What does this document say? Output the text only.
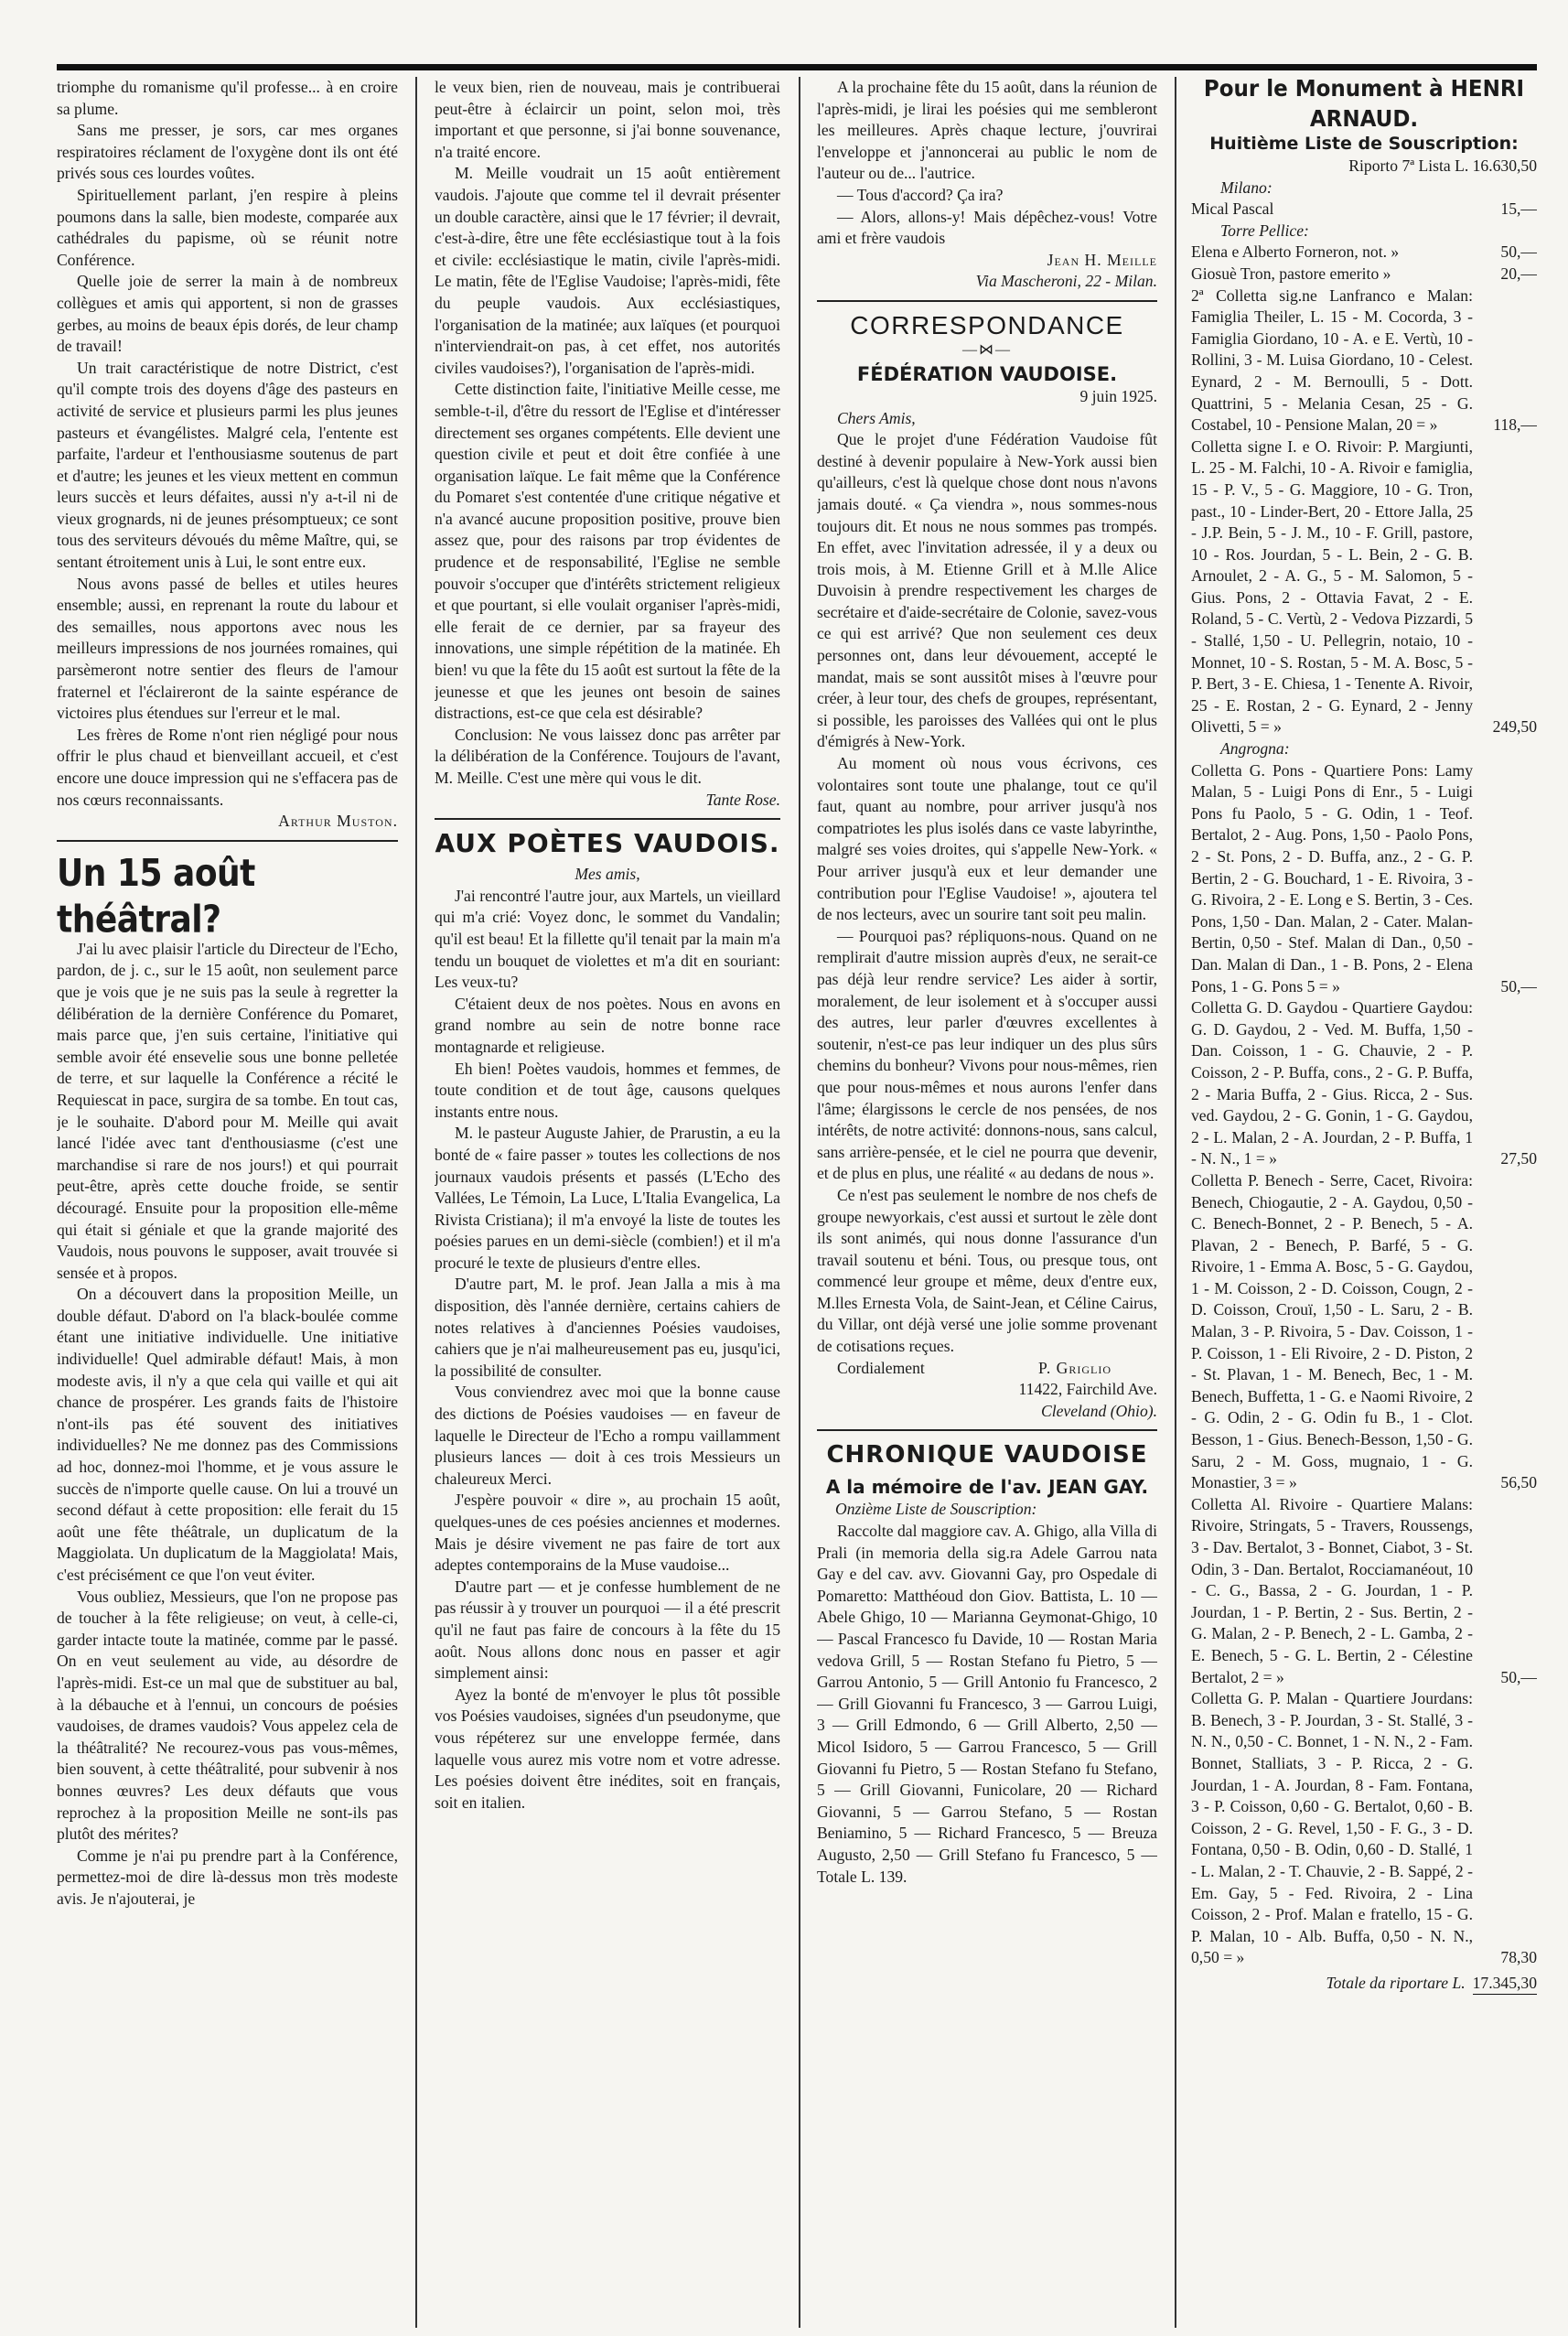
triomphe du romanisme qu'il professe... à en croire sa plume.

Sans me presser, je sors, car mes organes respiratoires réclament de l'oxygène dont ils ont été privés sous ces lourdes voûtes.

Spirituellement parlant, j'en respire à pleins poumons dans la salle, bien modeste, comparée aux cathédrales du papisme, où se réunit notre Conférence.

Quelle joie de serrer la main à de nombreux collègues et amis qui apportent, si non de grasses gerbes, au moins de beaux épis dorés, de leur champ de travail!

Un trait caractéristique de notre District, c'est qu'il compte trois des doyens d'âge des pasteurs en activité de service et plusieurs parmi les plus jeunes pasteurs et évangélistes. Malgré cela, l'entente est parfaite, l'ardeur et l'enthousiasme soutenus de part et d'autre; les jeunes et les vieux mettent en commun leurs succès et leurs défaites, aussi n'y a-t-il ni de vieux grognards, ni de jeunes présomptueux; ce sont tous des serviteurs dévoués du même Maître, qui, se sentant étroitement unis à Lui, le sont entre eux.

Nous avons passé de belles et utiles heures ensemble; aussi, en reprenant la route du labour et des semailles, nous apportons avec nous les meilleurs impressions de nos journées romaines, qui parsèmeront notre sentier des fleurs de l'amour fraternel et l'éclaireront de la sainte espérance de victoires plus étendues sur l'erreur et le mal.

Les frères de Rome n'ont rien négligé pour nous offrir le plus chaud et bienveillant accueil, et c'est encore une douce impression qui ne s'effacera pas de nos cœurs reconnaissants.

Arthur Muston.
Un 15 août théâtral?

J'ai lu avec plaisir l'article du Directeur de l'Echo, pardon, de j. c., sur le 15 août, non seulement parce que je vois que je ne suis pas la seule à regretter la délibération de la dernière Conférence du Pomaret, mais parce que, j'en suis certaine, l'initiative qui semble avoir été ensevelie sous une bonne pelletée de terre, et sur laquelle la Conférence a récité le Requiescat in pace, surgira de sa tombe. En tout cas, je le souhaite. D'abord pour M. Meille qui avait lancé l'idée avec tant d'enthousiasme (c'est une marchandise si rare de nos jours!) et qui pourrait peut-être, après cette douche froide, se sentir découragé. Ensuite pour la proposition elle-même qui était si géniale et que la grande majorité des Vaudois, nous pouvons le supposer, avait trouvée si sensée et à propos.

On a découvert dans la proposition Meille, un double défaut. D'abord on l'a black-boulée comme étant une initiative individuelle. Une initiative individuelle! Quel admirable défaut! Mais, à mon modeste avis, il n'y a que cela qui vaille et qui ait chance de prospérer. Les grands faits de l'histoire n'ont-ils pas été souvent des initiatives individuelles? Ne me donnez pas des Commissions ad hoc, donnez-moi l'homme, et je vous assure le succès de n'importe quelle cause. On lui a trouvé un second défaut à cette proposition: elle ferait du 15 août une fête théâtrale, un duplicatum de la Maggiolata. Un duplicatum de la Maggiolata! Mais, c'est précisément ce que l'on veut éviter.

Vous oubliez, Messieurs, que l'on ne propose pas de toucher à la fête religieuse; on veut, à celle-ci, garder intacte toute la matinée, comme par le passé. On en veut seulement au vide, au désordre de l'après-midi. Est-ce un mal que de substituer au bal, à la débauche et à l'ennui, un concours de poésies vaudoises, de drames vaudois? Vous appelez cela de la théâtralité? Ne recourez-vous pas vous-mêmes, bien souvent, à cette théâtralité, pour subvenir à nos bonnes œuvres? Les deux défauts que vous reprochez à la proposition Meille ne sont-ils pas plutôt des mérites?

Comme je n'ai pu prendre part à la Conférence, permettez-moi de dire là-dessus mon très modeste avis. Je n'ajouterai, je

le veux bien, rien de nouveau, mais je contribuerai peut-être à éclaircir un point, selon moi, très important et que personne, si j'ai bonne souvenance, n'a traité encore.

M. Meille voudrait un 15 août entièrement vaudois. J'ajoute que comme tel il devrait présenter un double caractère, ainsi que le 17 février; il devrait, c'est-à-dire, être une fête ecclésiastique tout à la fois et civile: ecclésiastique le matin, civile l'après-midi. Le matin, fête de l'Eglise Vaudoise; l'après-midi, fête du peuple vaudois. Aux ecclésiastiques, l'organisation de la matinée; aux laïques (et pourquoi n'interviendrait-on pas, à cet effet, nos autorités civiles vaudoises?), l'organisation de l'après-midi.

Cette distinction faite, l'initiative Meille cesse, me semble-t-il, d'être du ressort de l'Eglise et d'intéresser directement ses organes compétents. Elle devient une question civile et peut et doit être confiée à une organisation laïque. Le fait même que la Conférence du Pomaret s'est contentée d'une critique négative et n'a avancé aucune proposition positive, prouve bien assez que, pour des raisons par trop évidentes de prudence et de responsabilité, l'Eglise ne semble pouvoir s'occuper que d'intérêts strictement religieux et que pourtant, si elle voulait organiser l'après-midi, elle ferait de ce dernier, par sa frayeur des innovations, une simple répétition de la matinée. Eh bien! vu que la fête du 15 août est surtout la fête de la jeunesse et que les jeunes ont besoin de saines distractions, est-ce que cela est désirable?

Conclusion: Ne vous laissez donc pas arrêter par la délibération de la Conférence. Toujours de l'avant, M. Meille. C'est une mère qui vous le dit.

Tante Rose.

AUX POÈTES VAUDOIS.

Mes amis,

J'ai rencontré l'autre jour, aux Martels, un vieillard qui m'a crié: Voyez donc, le sommet du Vandalin; qu'il est beau! Et la fillette qu'il tenait par la main m'a tendu un bouquet de violettes et m'a dit en souriant: Les veux-tu?

C'étaient deux de nos poètes. Nous en avons en grand nombre au sein de notre bonne race montagnarde et religieuse.

Eh bien! Poètes vaudois, hommes et femmes, de toute condition et de tout âge, causons quelques instants entre nous.

M. le pasteur Auguste Jahier, de Prarustin, a eu la bonté de « faire passer » toutes les collections de nos journaux vaudois présents et passés (L'Echo des Vallées, Le Témoin, La Luce, L'Italia Evangelica, La Rivista Cristiana); il m'a envoyé la liste de toutes les poésies parues en un demi-siècle (combien!) et il m'a procuré le texte de plusieurs d'entre elles.

D'autre part, M. le prof. Jean Jalla a mis à ma disposition, dès l'année dernière, certains cahiers de notes relatives à d'anciennes Poésies vaudoises, cahiers que je n'ai malheureusement pas eu, jusqu'ici, la possibilité de consulter.

Vous conviendrez avec moi que la bonne cause des dictions de Poésies vaudoises — en faveur de laquelle le Directeur de l'Echo a rompu vaillamment plusieurs lances — doit à ces trois Messieurs un chaleureux Merci.

J'espère pouvoir « dire », au prochain 15 août, quelques-unes de ces poésies anciennes et modernes. Mais je désire vivement ne pas faire de tort aux adeptes contemporains de la Muse vaudoise...

D'autre part — et je confesse humblement de ne pas réussir à y trouver un pourquoi — il a été prescrit qu'il ne faut pas faire de concours à la fête du 15 août. Nous allons donc nous en passer et agir simplement ainsi:

Ayez la bonté de m'envoyer le plus tôt possible vos Poésies vaudoises, signées d'un pseudonyme, que vous répéterez sur une enveloppe fermée, dans laquelle vous aurez mis votre nom et votre adresse. Les poésies doivent être inédites, soit en français, soit en italien.

A la prochaine fête du 15 août, dans la réunion de l'après-midi, je lirai les poésies qui me sembleront les meilleures. Après chaque lecture, j'ouvrirai l'enveloppe et j'annoncerai au public le nom de l'auteur ou de... l'autrice.

— Tous d'accord? Ça ira?

— Alors, allons-y! Mais dépêchez-vous! Votre ami et frère vaudois

Jean H. Meille

Via Mascheroni, 22 - Milan.

CORRESPONDANCE
—⋈—
FÉDÉRATION VAUDOISE.

9 juin 1925.

Chers Amis,

Que le projet d'une Fédération Vaudoise fût destiné à devenir populaire à New-York aussi bien qu'ailleurs, c'est là quelque chose dont nous n'avons jamais douté. « Ça viendra », nous sommes-nous toujours dit. Et nous ne nous sommes pas trompés. En effet, avec l'invitation adressée, il y a deux ou trois mois, à M. Etienne Grill et à M.lle Alice Duvoisin à prendre respectivement les charges de secrétaire et d'aide-secrétaire de Colonie, savez-vous ce qui est arrivé? Que non seulement ces deux personnes ont, dans leur dévouement, accepté le mandat, mais se sont aussitôt mises à l'œuvre pour créer, à leur tour, des chefs de groupes, représentant, si possible, les paroisses des Vallées qui ont le plus d'émigrés à New-York.

Au moment où nous vous écrivons, ces volontaires sont toute une phalange, tout ce qu'il faut, quant au nombre, pour arriver jusqu'à nos compatriotes les plus isolés dans ce vaste labyrinthe, malgré ses voies droites, qui s'appelle New-York. « Pour arriver jusqu'à eux et leur demander une contribution pour l'Eglise Vaudoise! », ajoutera tel de nos lecteurs, avec un sourire tant soit peu malin.

— Pourquoi pas? répliquons-nous. Quand on ne remplirait d'autre mission auprès d'eux, ne serait-ce pas déjà leur rendre service? Les aider à sortir, moralement, de leur isolement et à s'occuper aussi des autres, leur parler d'œuvres excellentes à soutenir, n'est-ce pas leur indiquer un des plus sûrs chemins du bonheur? Vivons pour nous-mêmes, rien que pour nous-mêmes et nous aurons l'enfer dans l'âme; élargissons le cercle de nos pensées, de nos intérêts, de notre activité: donnons-nous, sans calcul, sans arrière-pensée, et le ciel ne pourra que devenir, et de plus en plus, une réalité « au dedans de nous ».

Ce n'est pas seulement le nombre de nos chefs de groupe newyorkais, c'est aussi et surtout le zèle dont ils sont animés, qui nous donne l'assurance d'un travail soutenu et béni. Tous, ou presque tous, ont commencé leur groupe et même, deux d'entre eux, M.lles Ernesta Vola, de Saint-Jean, et Céline Cairus, du Villar, ont déjà versé une jolie somme provenant de cotisations reçues.

Cordialement	P. Griglio

11422, Fairchild Ave.

Cleveland (Ohio).

CHRONIQUE VAUDOISE
A la mémoire de l'av. JEAN GAY.

Onzième Liste de Souscription:

Raccolte dal maggiore cav. A. Ghigo, alla Villa di Prali (in memoria della sig.ra Adele Garrou nata Gay e del cav. avv. Giovanni Gay, pro Ospedale di Pomaretto: Matthéoud don Giov. Battista, L. 10 — Abele Ghigo, 10 — Marianna Geymonat-Ghigo, 10 — Pascal Francesco fu Davide, 10 — Rostan Maria vedova Grill, 5 — Rostan Stefano fu Pietro, 5 — Garrou Antonio, 5 — Grill Antonio fu Francesco, 2 — Grill Giovanni fu Francesco, 3 — Garrou Luigi, 3 — Grill Edmondo, 6 — Grill Alberto, 2,50 — Micol Isidoro, 5 — Garrou Francesco, 5 — Grill Giovanni fu Pietro, 5 — Rostan Stefano fu Stefano, 5 — Grill Giovanni, Funicolare, 20 — Richard Giovanni, 5 — Garrou Stefano, 5 — Rostan Beniamino, 5 — Richard Francesco, 5 — Breuza Augusto, 2,50 — Grill Stefano fu Francesco, 5 — Totale L. 139.

Pour le Monument à HENRI ARNAUD.
Huitième Liste de Souscription:

Riporto 7ª Lista L. 16.630,50

Milano:

Mical Pascal	15,—

Torre Pellice:

Elena e Alberto Forneron, not. »	50,—
Giosuè Tron, pastore emerito »	20,—
2ª Colletta sig.ne Lanfranco e Malan: Famiglia Theiler, L. 15 - M. Cocorda, 3 - Famiglia Giordano, 10 - A. e E. Vertù, 10 - Rollini, 3 - M. Luisa Giordano, 10 - Celest. Eynard, 2 - M. Bernoulli, 5 - Dott. Quattrini, 5 - Melania Cesan, 25 - G. Costabel, 10 - Pensione Malan, 20 = »	118,—
Colletta signe I. e O. Rivoir: P. Margiunti, L. 25 - M. Falchi, 10 - A. Rivoir e famiglia, 15 - P. V., 5 - G. Maggiore, 10 - G. Tron, past., 10 - Linder-Bert, 20 - Ettore Jalla, 25 - J.P. Bein, 5 - J. M., 10 - F. Grill, pastore, 10 - Ros. Jourdan, 5 - L. Bein, 2 - G. B. Arnoulet, 2 - A. G., 5 - M. Salomon, 5 - Gius. Pons, 2 - Ottavia Favat, 2 - E. Roland, 5 - C. Vertù, 2 - Vedova Pizzardi, 5 - Stallé, 1,50 - U. Pellegrin, notaio, 10 - Monnet, 10 - S. Rostan, 5 - M. A. Bosc, 5 - P. Bert, 3 - E. Chiesa, 1 - Tenente A. Rivoir, 25 - E. Rostan, 2 - G. Eynard, 2 - Jenny Olivetti, 5 = »	249,50

Angrogna:

Colletta G. Pons - Quartiere Pons: Lamy Malan, 5 - Luigi Pons di Enr., 5 - Luigi Pons fu Paolo, 5 - G. Odin, 1 - Teof. Bertalot, 2 - Aug. Pons, 1,50 - Paolo Pons, 2 - St. Pons, 2 - D. Buffa, anz., 2 - G. P. Bertin, 2 - G. Bouchard, 1 - E. Rivoira, 3 - G. Rivoira, 2 - E. Long e S. Bertin, 3 - Ces. Pons, 1,50 - Dan. Malan, 2 - Cater. Malan-Bertin, 0,50 - Stef. Malan di Dan., 0,50 - Dan. Malan di Dan., 1 - B. Pons, 2 - Elena Pons, 1 - G. Pons 5 = »	50,—
Colletta G. D. Gaydou - Quartiere Gaydou: G. D. Gaydou, 2 - Ved. M. Buffa, 1,50 - Dan. Coisson, 1 - G. Chauvie, 2 - P. Coisson, 2 - P. Buffa, cons., 2 - G. P. Buffa, 2 - Maria Buffa, 2 - Gius. Ricca, 2 - Sus. ved. Gaydou, 2 - G. Gonin, 1 - G. Gaydou, 2 - L. Malan, 2 - A. Jourdan, 2 - P. Buffa, 1 - N. N., 1 = »	27,50
Colletta P. Benech - Serre, Cacet, Rivoira: Benech, Chiogautie, 2 - A. Gaydou, 0,50 - C. Benech-Bonnet, 2 - P. Benech, 5 - A. Plavan, 2 - Benech, P. Barfé, 5 - G. Rivoire, 1 - Emma A. Bosc, 5 - G. Gaydou, 1 - M. Coisson, 2 - D. Coisson, Cougn, 2 - D. Coisson, Crouï, 1,50 - L. Saru, 2 - B. Malan, 3 - P. Rivoira, 5 - Dav. Coisson, 1 - P. Coisson, 1 - Eli Rivoire, 2 - D. Piston, 2 - St. Plavan, 1 - M. Benech, Bec, 1 - M. Benech, Buffetta, 1 - G. e Naomi Rivoire, 2 - G. Odin, 2 - G. Odin fu B., 1 - Clot. Besson, 1 - Gius. Benech-Besson, 1,50 - G. Saru, 2 - M. Goss, mugnaio, 1 - G. Monastier, 3 = »	56,50
Colletta Al. Rivoire - Quartiere Malans: Rivoire, Stringats, 5 - Travers, Roussengs, 3 - Dav. Bertalot, 3 - Bonnet, Ciabot, 3 - St. Odin, 3 - Dan. Bertalot, Rocciamanéout, 10 - C. G., Bassa, 2 - G. Jourdan, 1 - P. Jourdan, 1 - P. Bertin, 2 - Sus. Bertin, 2 - G. Malan, 2 - P. Benech, 2 - L. Gamba, 2 - E. Benech, 5 - G. L. Bertin, 2 - Célestine Bertalot, 2 = »	50,—
Colletta G. P. Malan - Quartiere Jourdans: B. Benech, 3 - P. Jourdan, 3 - St. Stallé, 3 - N. N., 0,50 - C. Bonnet, 1 - N. N., 2 - Fam. Bonnet, Stalliats, 3 - P. Ricca, 2 - G. Jourdan, 1 - A. Jourdan, 8 - Fam. Fontana, 3 - P. Coisson, 0,60 - G. Bertalot, 0,60 - B. Coisson, 2 - G. Revel, 1,50 - F. G., 3 - D. Fontana, 0,50 - B. Odin, 0,60 - D. Stallé, 1 - L. Malan, 2 - T. Chauvie, 2 - B. Sappé, 2 - Em. Gay, 5 - Fed. Rivoira, 2 - Lina Coisson, 2 - Prof. Malan e fratello, 15 - G. P. Malan, 10 - Alb. Buffa, 0,50 - N. N., 0,50 = »	78,30
Totale da riportare L. 17.345,30
